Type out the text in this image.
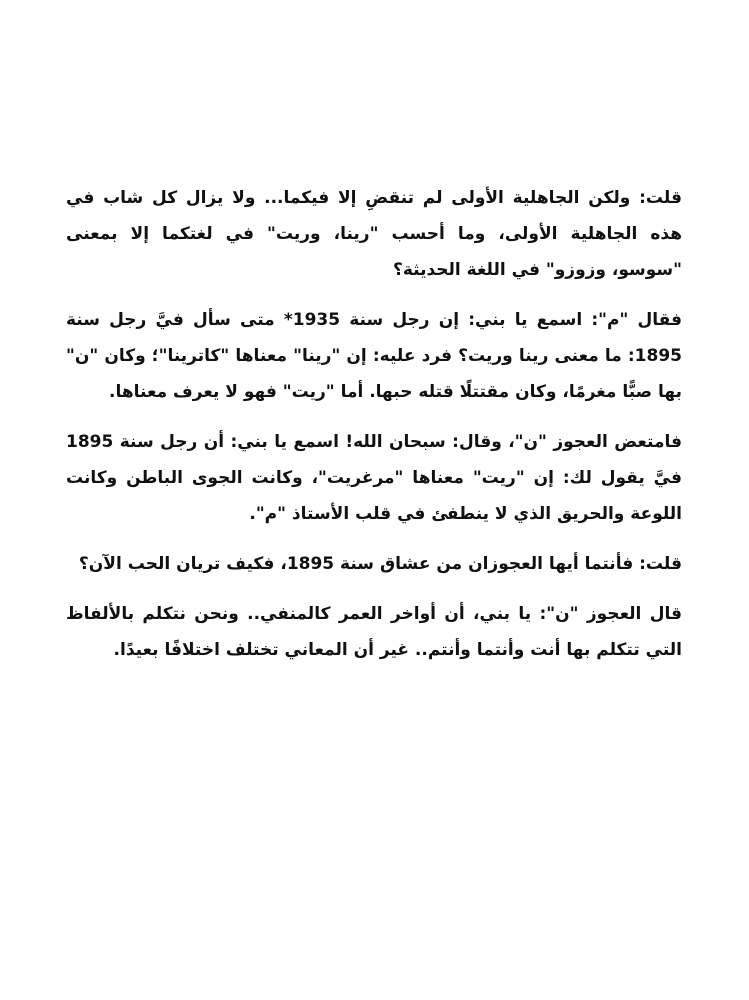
قلت: ولكن الجاهلية الأولى لم تنقضِ إلا فيكما... ولا يزال كل شاب في هذه الجاهلية الأولى، وما أحسب "رينا، وريت" في لغتكما إلا بمعنى "سوسو، وزوزو" في اللغة الحديثة؟

فقال "م": اسمع يا بني: إن رجل سنة 1935* متى سأل فيَّ رجل سنة 1895: ما معنى رينا وريت؟ فرد عليه: إن "رينا" معناها "كاترينا"؛ وكان "ن" بها صبًّا مغرمًا، وكان مقتتلًا قتله حبها. أما "ريت" فهو لا يعرف معناها.

فامتعض العجوز "ن"، وقال: سبحان الله! اسمع يا بني: أن رجل سنة 1895 فيَّ يقول لك: إن "ريت" معناها "مرغريت"، وكانت الجوى الباطن وكانت اللوعة والحريق الذي لا ينطفئ في قلب الأستاذ "م".

قلت: فأنتما أيها العجوزان من عشاق سنة 1895، فكيف تريان الحب الآن؟

قال العجوز "ن": يا بني، أن أواخر العمر كالمنفي.. ونحن نتكلم بالألفاظ التي تتكلم بها أنت وأنتما وأنتم.. غير أن المعاني تختلف اختلافًا بعيدًا.
